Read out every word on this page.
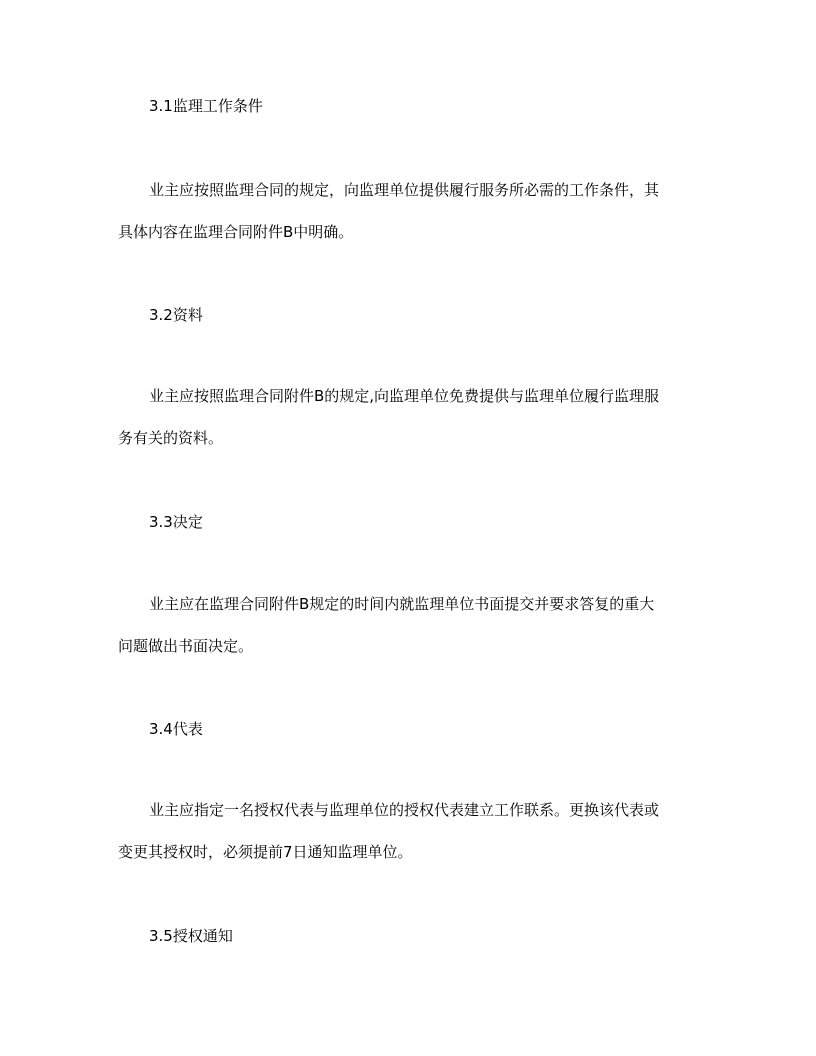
3.1监理工作条件

业主应按照监理合同的规定，向监理单位提供履行服务所必需的工作条件，其

具体内容在监理合同附件B中明确。

3.2资料

业主应按照监理合同附件B的规定,向监理单位免费提供与监理单位履行监理服

务有关的资料。

3.3决定

业主应在监理合同附件B规定的时间内就监理单位书面提交并要求答复的重大

问题做出书面决定。

3.4代表

业主应指定一名授权代表与监理单位的授权代表建立工作联系。更换该代表或

变更其授权时，必须提前7日通知监理单位。

3.5授权通知
